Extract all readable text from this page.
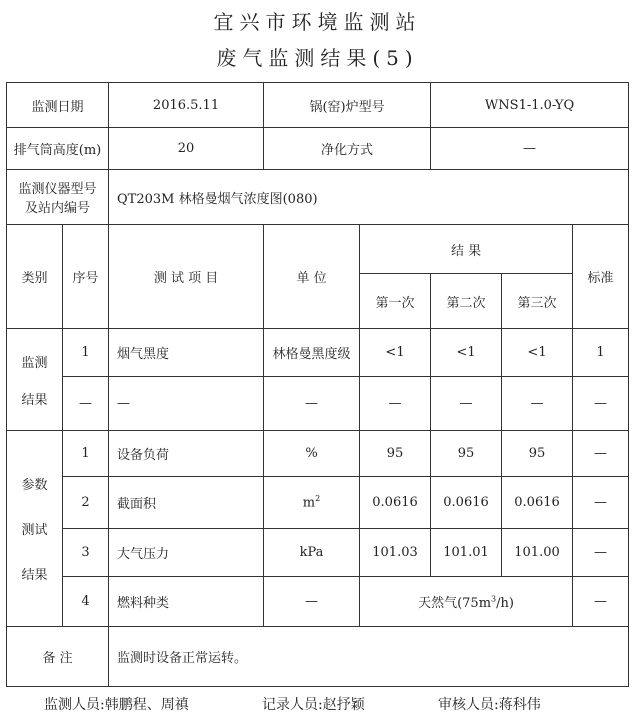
宜兴市环境监测站
废气监测结果(5)
监测日期		2016.5.11	锅(窑)炉型号		WNS1-1.0-YQ		
排气筒高度(m)		20	净化方式		—		

监测仪器型号
及站内编号		QT203M 林格曼烟气浓度图(080)					
类别	序号	测 试 项 目	单 位	结 果			标准
				第一次	第二次	第三次	

监测
结果	1	烟气黑度	林格曼黑度级	<1	<1	<1	1
	—	—	—	—	—	—	—

参数
测试
结果	1	设备负荷	%	95	95	95	—
	2	截面积	$m^2$	0.0616	0.0616	0.0616	—
	3	大气压力	kPa	101.03	101.01	101.00	—
	4	燃料种类	—	天然气$(75m^3/h)$			—
备 注		监测时设备正常运转。					
监测人员:韩鹏程、周禛	记录人员:赵抒颖	审核人员:蒋科伟
